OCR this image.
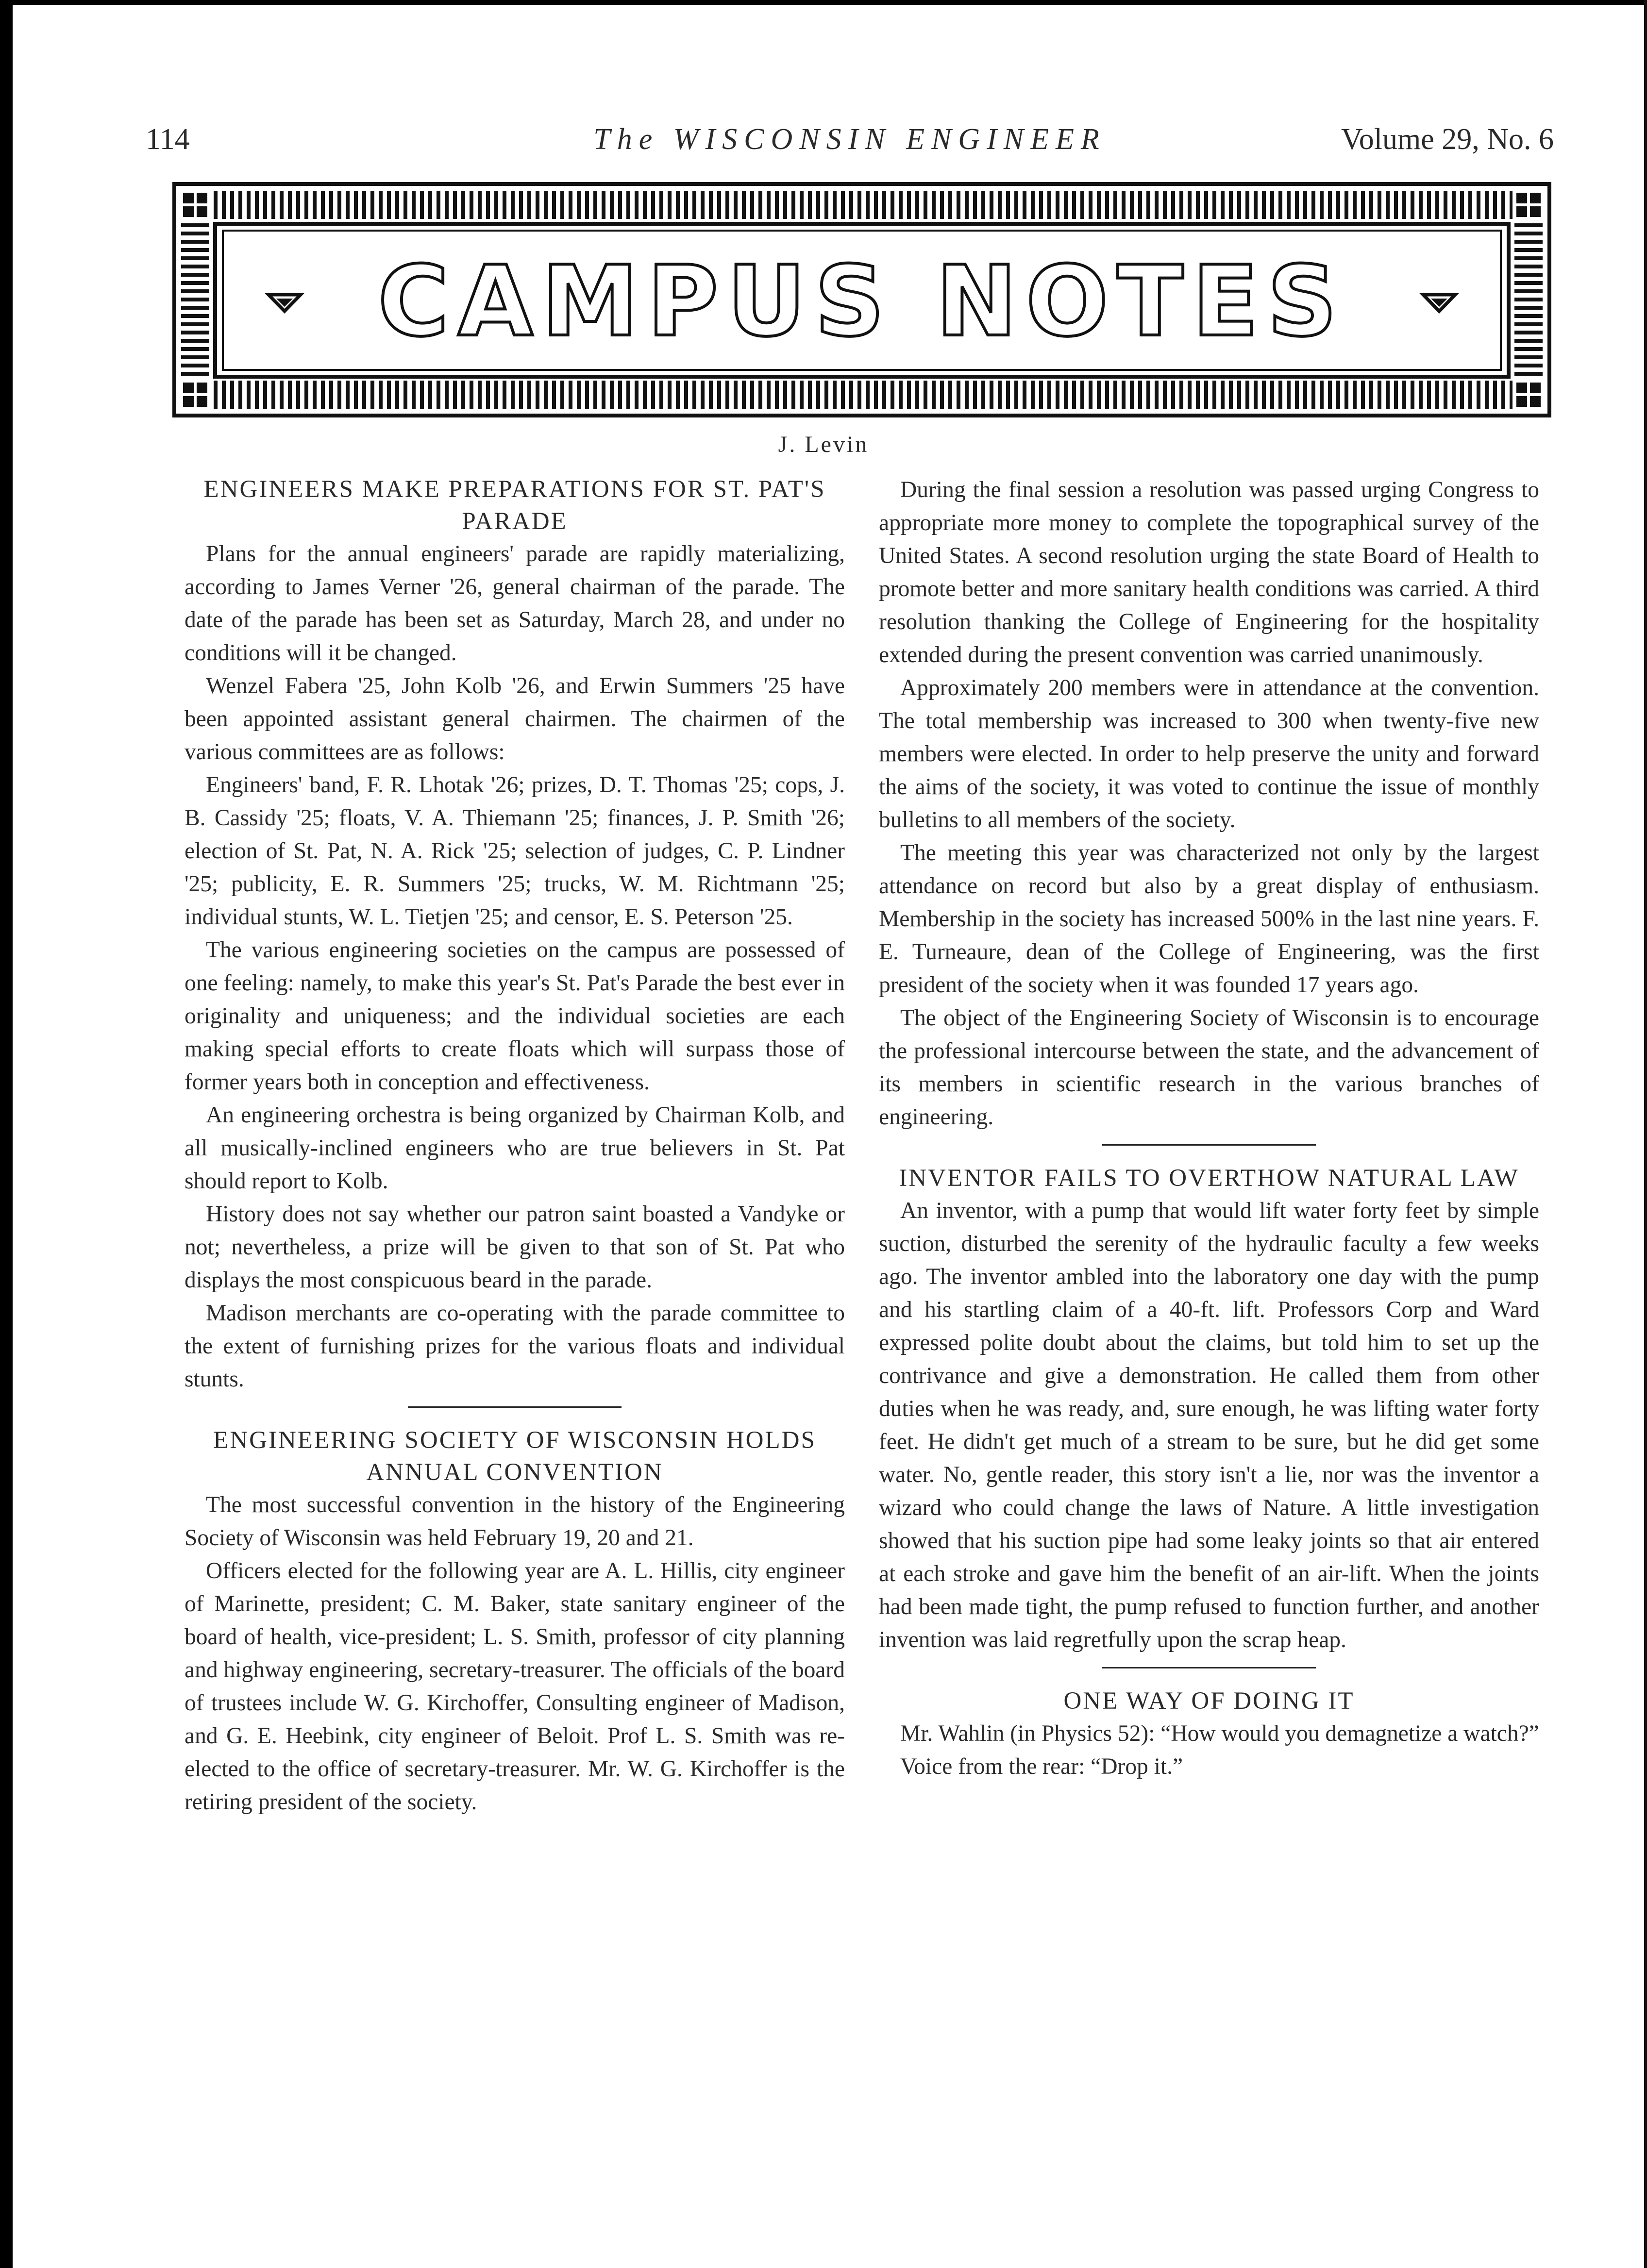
The WISCONSIN ENGINEER
114	Volume 29, No. 6
CAMPUS NOTES
J. Levin
ENGINEERS MAKE PREPARATIONS FOR ST. PAT'S PARADE

Plans for the annual engineers' parade are rapidly materializing, according to James Verner '26, general chairman of the parade. The date of the parade has been set as Saturday, March 28, and under no conditions will it be changed.

Wenzel Fabera '25, John Kolb '26, and Erwin Summers '25 have been appointed assistant general chairmen. The chairmen of the various committees are as follows:

Engineers' band, F. R. Lhotak '26; prizes, D. T. Thomas '25; cops, J. B. Cassidy '25; floats, V. A. Thiemann '25; finances, J. P. Smith '26; election of St. Pat, N. A. Rick '25; selection of judges, C. P. Lindner '25; publicity, E. R. Summers '25; trucks, W. M. Richtmann '25; individual stunts, W. L. Tietjen '25; and censor, E. S. Peterson '25.

The various engineering societies on the campus are possessed of one feeling: namely, to make this year's St. Pat's Parade the best ever in originality and uniqueness; and the individual societies are each making special efforts to create floats which will surpass those of former years both in conception and effectiveness.

An engineering orchestra is being organized by Chairman Kolb, and all musically-inclined engineers who are true believers in St. Pat should report to Kolb.

History does not say whether our patron saint boasted a Vandyke or not; nevertheless, a prize will be given to that son of St. Pat who displays the most conspicuous beard in the parade.

Madison merchants are co-operating with the parade committee to the extent of furnishing prizes for the various floats and individual stunts.

ENGINEERING SOCIETY OF WISCONSIN HOLDS ANNUAL CONVENTION

The most successful convention in the history of the Engineering Society of Wisconsin was held February 19, 20 and 21.

Officers elected for the following year are A. L. Hillis, city engineer of Marinette, president; C. M. Baker, state sanitary engineer of the board of health, vice-president; L. S. Smith, professor of city planning and highway engineering, secretary-treasurer. The officials of the board of trustees include W. G. Kirchoffer, Consulting engineer of Madison, and G. E. Heebink, city engineer of Beloit. Prof L. S. Smith was re-elected to the office of secretary-treasurer. Mr. W. G. Kirchoffer is the retiring president of the society.

During the final session a resolution was passed urging Congress to appropriate more money to complete the topographical survey of the United States. A second resolution urging the state Board of Health to promote better and more sanitary health conditions was carried. A third resolution thanking the College of Engineering for the hospitality extended during the present convention was carried unanimously.

Approximately 200 members were in attendance at the convention. The total membership was increased to 300 when twenty-five new members were elected. In order to help preserve the unity and forward the aims of the society, it was voted to continue the issue of monthly bulletins to all members of the society.

The meeting this year was characterized not only by the largest attendance on record but also by a great display of enthusiasm. Membership in the society has increased 500% in the last nine years. F. E. Turneaure, dean of the College of Engineering, was the first president of the society when it was founded 17 years ago.

The object of the Engineering Society of Wisconsin is to encourage the professional intercourse between the state, and the advancement of its members in scientific research in the various branches of engineering.

INVENTOR FAILS TO OVERTHOW NATURAL LAW

An inventor, with a pump that would lift water forty feet by simple suction, disturbed the serenity of the hydraulic faculty a few weeks ago. The inventor ambled into the laboratory one day with the pump and his startling claim of a 40-ft. lift. Professors Corp and Ward expressed polite doubt about the claims, but told him to set up the contrivance and give a demonstration. He called them from other duties when he was ready, and, sure enough, he was lifting water forty feet. He didn't get much of a stream to be sure, but he did get some water. No, gentle reader, this story isn't a lie, nor was the inventor a wizard who could change the laws of Nature. A little investigation showed that his suction pipe had some leaky joints so that air entered at each stroke and gave him the benefit of an air-lift. When the joints had been made tight, the pump refused to function further, and another invention was laid regretfully upon the scrap heap.

ONE WAY OF DOING IT

Mr. Wahlin (in Physics 52): “How would you demagnetize a watch?”

Voice from the rear: “Drop it.”
